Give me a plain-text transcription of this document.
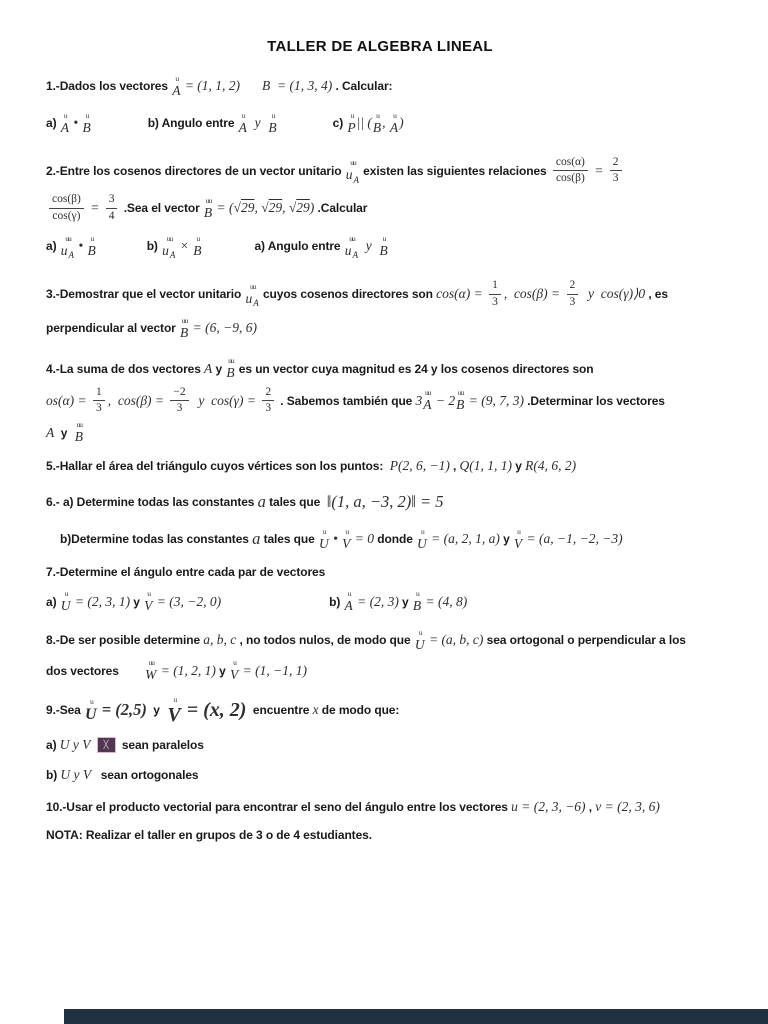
TALLER DE ALGEBRA LINEAL
1.-Dados los vectores
u
A = (1, 1, 2) B  = (1, 3, 4) . Calcular:
a)
u
A • u
B	b) Angulo entre
u
A y u
B	c)
u
P || ( u
B , u
A )
2.-Entre los cosenos directores de un vector unitario
uu
u A
existen las siguientes relaciones $\frac{\cos(\alpha)}{\cos(\beta)} = \frac{2}{3}$
$\frac{\cos(\beta)}{\cos(\gamma)} = \frac{3}{4} .Sea$ el vector
uu
B = ( √29 , √29 , √29 ) .Calcular
a)
uu
u A
• u
B	b)
uu
u A
× u
B	a) Angulo entre
uu
u A
y u
B
3.-Demostrar que el vector unitario
uu
u A
cuyos cosenos directores son $\cos(\alpha) = \frac{1}{3}$ ,  $\cos(\beta) = \frac{2}{3}$ y  cos(γ)⟩0 , es
perpendicular al vector
uu
B = (6, −9, 6)
4.-La suma de dos vectores A y
uu
B es un vector cuya magnitud es 24 y los cosenos directores son
$os(\alpha) = \frac{1}{3}$ ,  $\cos(\beta) = \frac{-2}{3}$ y  $\cos(\gamma) = \frac{2}{3}$ . Sabemos también que 3 uu
A − 2 uu
B = (9, 7, 3) .Determinar los vectores
A y
uu
B
5.-Hallar el área del triángulo cuyos vértices son los puntos: P(2, 6, −1) , Q(1, 1, 1) y R(4, 6, 2)
6.- a) Determine todas las constantes a tales que ‖(1, a, −3, 2)‖ = 5
b)Determine todas las constantes a tales que
u
U • u
V = 0 donde
u
U = (a, 2, 1, a) y
u
V = (a, −1, −2, −3)
7.-Determine el ángulo entre cada par de vectores
a)
u
U = (2, 3, 1) y
u
V = (3, −2, 0)	b)
u
A = (2, 3) y
u
B = (4, 8)
8.-De ser posible determine a, b, c , no todos nulos, de modo que
u
U = (a, b, c) sea ortogonal o perpendicular a los
dos vectores
uu
W = (1, 2, 1) y
u
V = (1, −1, 1)
9.-Sea
u
U = (2,5) y
u
V = (x, 2) encuentre x de modo que:
a) U y V	╳ sean paralelos
b) U y V sean ortogonales
10.-Usar el producto vectorial para encontrar el seno del ángulo entre los vectores u = (2, 3, −6) , v = (2, 3, 6)
NOTA: Realizar el taller en grupos de 3 o de 4 estudiantes.
